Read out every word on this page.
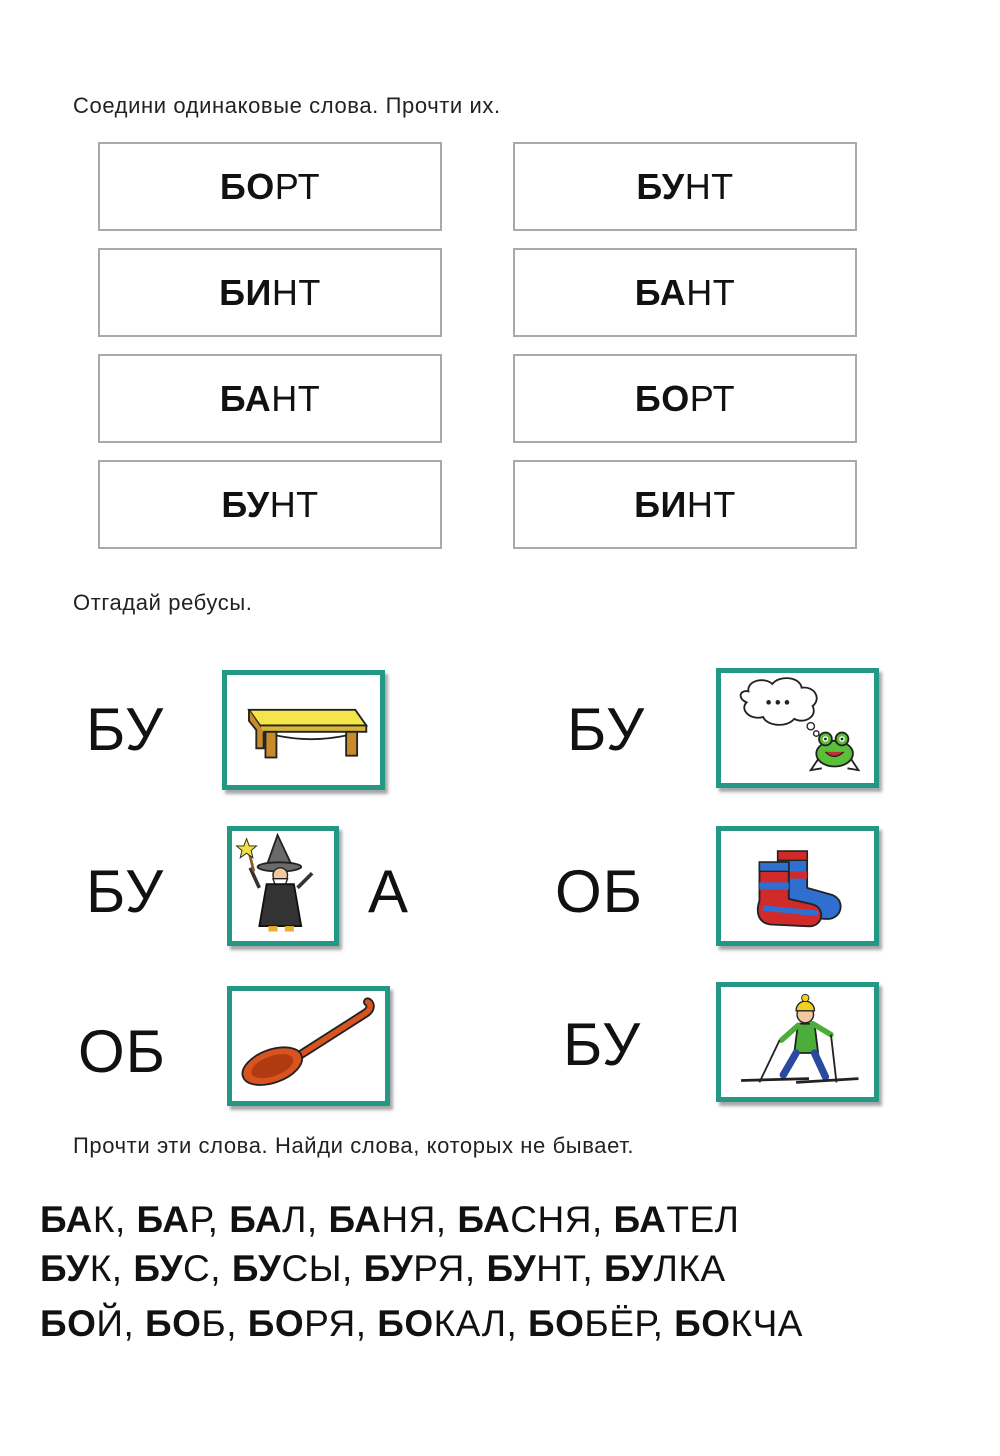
Соедини одинаковые слова. Прочти их.
БО РТ
БИ НТ
БА НТ
БУ НТ
БУ НТ
БА НТ
БО РТ
БИ НТ
Отгадай ребусы.
БУ
БУ	А
ОБ
БУ
ОБ
БУ
Прочти эти слова. Найди слова, которых не бывает.
БАК, БАР, БАЛ, БАНЯ, БАСНЯ, БАТЕЛ
БУК, БУС, БУСЫ, БУРЯ, БУНТ, БУЛКА
БОЙ, БОБ, БОРЯ, БОКАЛ, БОБЁР, БОКЧА
